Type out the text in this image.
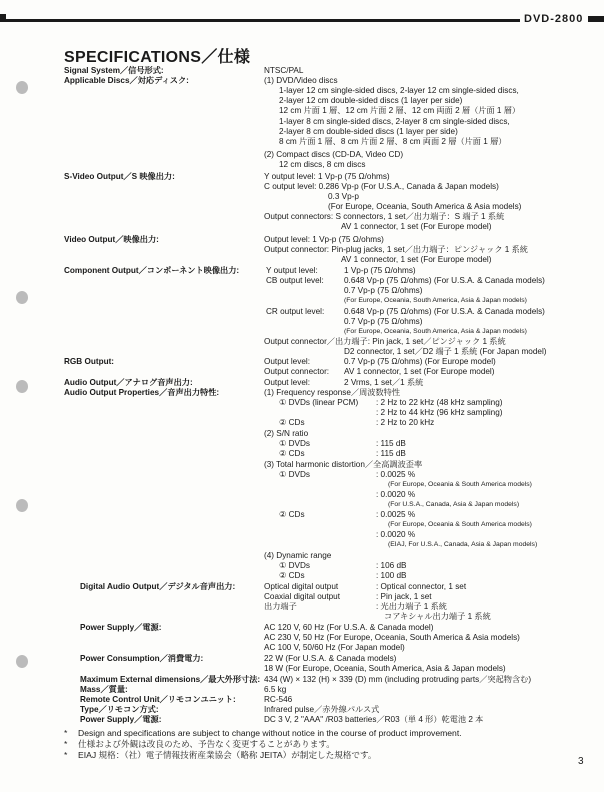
DVD-2800
SPECIFICATIONS／仕様
Signal System／信号形式:	NTSC/PAL
Applicable Discs／対応ディスク:	(1) DVD/Video discs
1-layer 12 cm single-sided discs, 2-layer 12 cm single-sided discs,
2-layer 12 cm double-sided discs (1 layer per side)
12 cm 片面 1 層、12 cm 片面 2 層、12 cm 両面 2 層（片面 1 層）
1-layer 8 cm single-sided discs, 2-layer 8 cm single-sided discs,
2-layer 8 cm double-sided discs (1 layer per side)
8 cm 片面 1 層、8 cm 片面 2 層、8 cm 両面 2 層（片面 1 層）
(2) Compact discs (CD-DA, Video CD)
12 cm discs, 8 cm discs
S-Video Output／S 映像出力:	Y output level: 1 Vp-p (75 Ω/ohms)
C output level: 0.286 Vp-p (For U.S.A., Canada & Japan models)
0.3 Vp-p
(For Europe, Oceania, South America & Asia models)
Output connectors: S connectors, 1 set／出力端子：S 端子 1 系統
AV 1 connector, 1 set (For Europe model)
Video Output／映像出力:	Output level: 1 Vp-p (75 Ω/ohms)
Output connector: Pin-plug jacks, 1 set／出力端子：ピンジャック 1 系統
AV 1 connector, 1 set (For Europe model)
Component Output／コンポーネント映像出力:	Y output level:	1 Vp-p (75 Ω/ohms)
CB output level: 0.648 Vp-p (75 Ω/ohms) (For U.S.A. & Canada models)
0.7 Vp-p (75 Ω/ohms)
(For Europe, Oceania, South America, Asia & Japan models)
CR output level: 0.648 Vp-p (75 Ω/ohms) (For U.S.A. & Canada models)
0.7 Vp-p (75 Ω/ohms)
(For Europe, Oceania, South America, Asia & Japan models)
Output connector／出力端子: Pin jack, 1 set／ピンジャック 1 系統
D2 connector, 1 set／D2 端子 1 系統 (For Japan model)
RGB Output:	Output level:	0.7 Vp-p (75 Ω/ohms) (For Europe model)
Output connector: AV 1 connector, 1 set (For Europe model)
Audio Output／アナログ音声出力:	Output level:	2 Vrms, 1 set／1 系統
Audio Output Properties／音声出力特性:	(1) Frequency response／周波数特性
① DVDs (linear PCM) : 2 Hz to 22 kHz (48 kHz sampling)
: 2 Hz to 44 kHz (96 kHz sampling)
② CDs	: 2 Hz to 20 kHz
(2) S/N ratio
① DVDs	: 115 dB
② CDs	: 115 dB
(3) Total harmonic distortion／全高調波歪率
① DVDs	: 0.0025 %
(For Europe, Oceania & South America models)
: 0.0020 %
(For U.S.A., Canada, Asia & Japan models)
② CDs	: 0.0025 %
(For Europe, Oceania & South America models)
: 0.0020 %
(EIAJ, For U.S.A., Canada, Asia & Japan models)
(4) Dynamic range
① DVDs	: 106 dB
② CDs	: 100 dB
Digital Audio Output／デジタル音声出力:	Optical digital output	: Optical connector, 1 set
Coaxial digital output	: Pin jack, 1 set
出力端子	: 光出力端子 1 系統
コアキシャル出力端子 1 系統
Power Supply／電源:	AC 120 V, 60 Hz (For U.S.A. & Canada model)
AC 230 V, 50 Hz (For Europe, Oceania, South America & Asia models)
AC 100 V, 50/60 Hz (For Japan model)
Power Consumption／消費電力:	22 W (For U.S.A. & Canada models)
18 W (For Europe, Oceania, South America, Asia & Japan models)
Maximum External dimensions／最大外形寸法: 434 (W) × 132 (H) × 339 (D) mm (including protruding parts／突起物含む)
Mass／質量:	6.5 kg
Remote Control Unit／リモコンユニット:	RC-546
Type／リモコン方式:	Infrared pulse／赤外線パルス式
Power Supply／電源:	DC 3 V, 2 "AAA" /R03 batteries／R03（単 4 形）乾電池 2 本
* Design and specifications are subject to change without notice in the course of product improvement.
* 仕様および外観は改良のため、予告なく変更することがあります。
* EIAJ 規格：（社）電子情報技術産業協会（略称 JEITA）が制定した規格です。
3
